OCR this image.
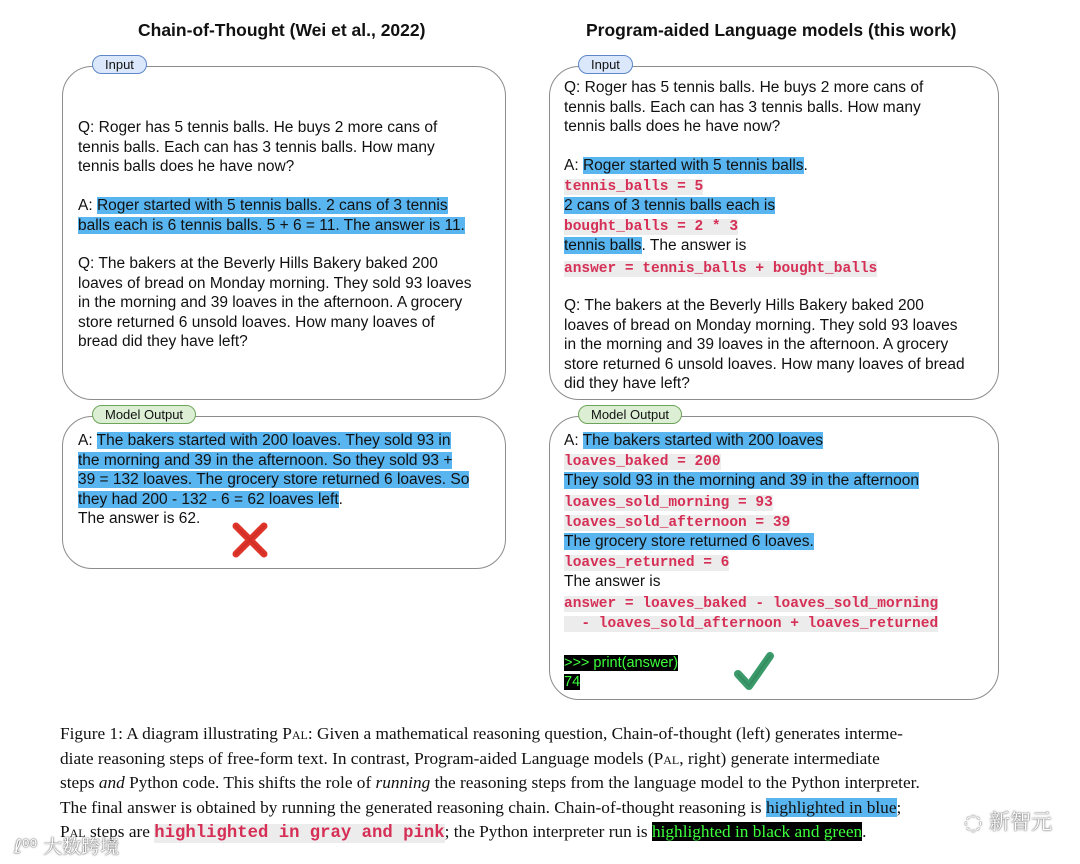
Chain-of-Thought (Wei et al., 2022)	Program-aided Language models (this work)
Input
Q: Roger has 5 tennis balls. He buys 2 more cans of
tennis balls. Each can has 3 tennis balls. How many
tennis balls does he have now?
A: Roger started with 5 tennis balls. 2 cans of 3 tennis
balls each is 6 tennis balls. 5 + 6 = 11. The answer is 11.
Q: The bakers at the Beverly Hills Bakery baked 200
loaves of bread on Monday morning. They sold 93 loaves
in the morning and 39 loaves in the afternoon. A grocery
store returned 6 unsold loaves. How many loaves of
bread did they have left?
Model Output
A: The bakers started with 200 loaves. They sold 93 in
the morning and 39 in the afternoon. So they sold 93 +
39 = 132 loaves. The grocery store returned 6 loaves. So
they had 200 - 132 - 6 = 62 loaves left.
The answer is 62.
Input
Q: Roger has 5 tennis balls. He buys 2 more cans of
tennis balls. Each can has 3 tennis balls. How many
tennis balls does he have now?
A: Roger started with 5 tennis balls.
tennis_balls = 5
2 cans of 3 tennis balls each is
bought_balls = 2 * 3
tennis balls. The answer is
answer = tennis_balls + bought_balls
Q: The bakers at the Beverly Hills Bakery baked 200
loaves of bread on Monday morning. They sold 93 loaves
in the morning and 39 loaves in the afternoon. A grocery
store returned 6 unsold loaves. How many loaves of bread
did they have left?
Model Output
A: The bakers started with 200 loaves
loaves_baked = 200
They sold 93 in the morning and 39 in the afternoon
loaves_sold_morning = 93
loaves_sold_afternoon = 39
The grocery store returned 6 loaves.
loaves_returned = 6
The answer is
answer = loaves_baked - loaves_sold_morning
- loaves_sold_afternoon + loaves_returned
>>> print(answer)
74
Figure 1: A diagram illustrating Pal: Given a mathematical reasoning question, Chain-of-thought (left) generates interme-
diate reasoning steps of free-form text. In contrast, Program-aided Language models (Pal, right) generate intermediate
steps and Python code. This shifts the role of running the reasoning steps from the language model to the Python interpreter.
The final answer is obtained by running the generated reasoning chain. Chain-of-thought reasoning is highlighted in blue;
Pal steps are highlighted in gray and pink; the Python interpreter run is highlighted in black and green.
ℓ⁰⁰ 大数跨境
◌ 新智元
